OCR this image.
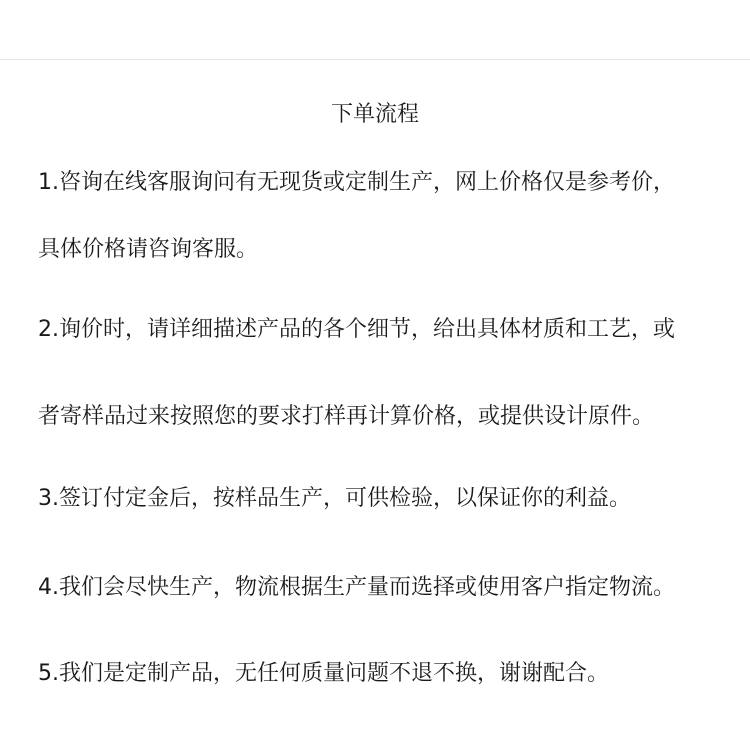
下单流程
1.咨询在线客服询问有无现货或定制生产，网上价格仅是参考价，
具体价格请咨询客服。
2.询价时，请详细描述产品的各个细节，给出具体材质和工艺，或
者寄样品过来按照您的要求打样再计算价格，或提供设计原件。
3.签订付定金后，按样品生产，可供检验，以保证你的利益。
4.我们会尽快生产，物流根据生产量而选择或使用客户指定物流。
5.我们是定制产品，无任何质量问题不退不换，谢谢配合。
